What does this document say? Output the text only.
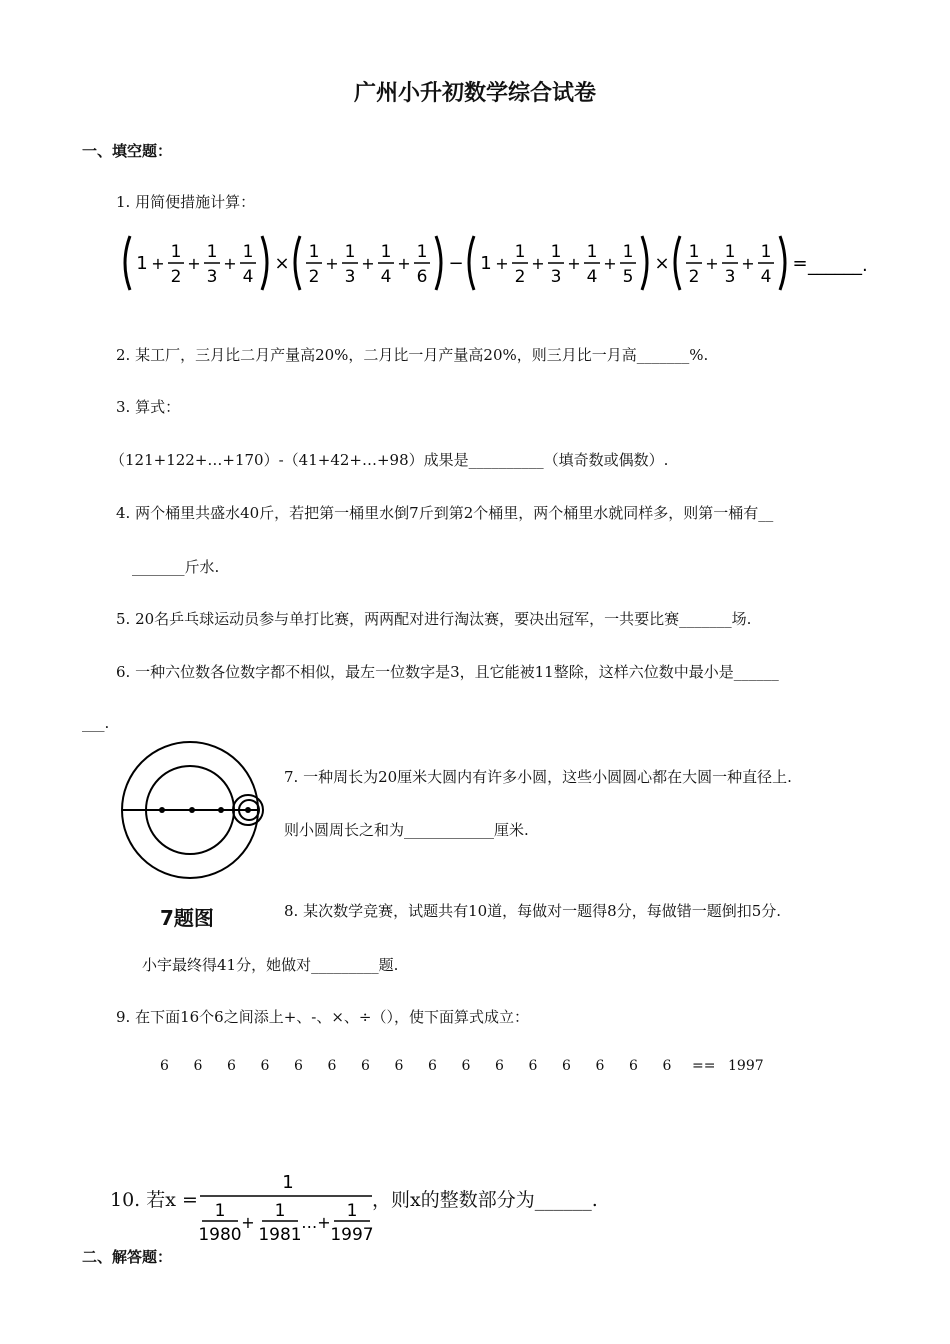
广州小升初数学综合试卷
一、填空题：
1. 用简便措施计算：
1 +
1
2
+
1
3
+
1
4
×
1
2
+
1
3
+
1
4
+
1
6
− 1 +
1
2
+
1
3
+
1
4
+
1
5
×
1
2
+
1
3
+
1
4
= ______.
2. 某工厂，三月比二月产量高20%，二月比一月产量高20%，则三月比一月高_______%.
3. 算式：
（121+122+…+170）-（41+42+…+98）成果是__________（填奇数或偶数）.
4. 两个桶里共盛水40斤，若把第一桶里水倒7斤到第2个桶里，两个桶里水就同样多，则第一桶有__
_______斤水.
5. 20名乒乓球运动员参与单打比赛，两两配对进行淘汰赛，要决出冠军，一共要比赛_______场.
6. 一种六位数各位数字都不相似，最左一位数字是3，且它能被11整除，这样六位数中最小是______
___.
7题图
7. 一种周长为20厘米大圆内有许多小圆，这些小圆圆心都在大圆一种直径上.
则小圆周长之和为____________厘米.
8. 某次数学竞赛，试题共有10道，每做对一题得8分，每做错一题倒扣5分.
小宇最终得41分，她做对_________题.
9. 在下面16个6之间添上+、-、×、÷（），使下面算式成立：
6 6 6 6 6 6 6 6 6 6 6 6 6 6 6 6 == 1997
10. 若x =
1
1
1980
+
1
1981
…+
1
1997
，则x的整数部分为______.
二、解答题：
